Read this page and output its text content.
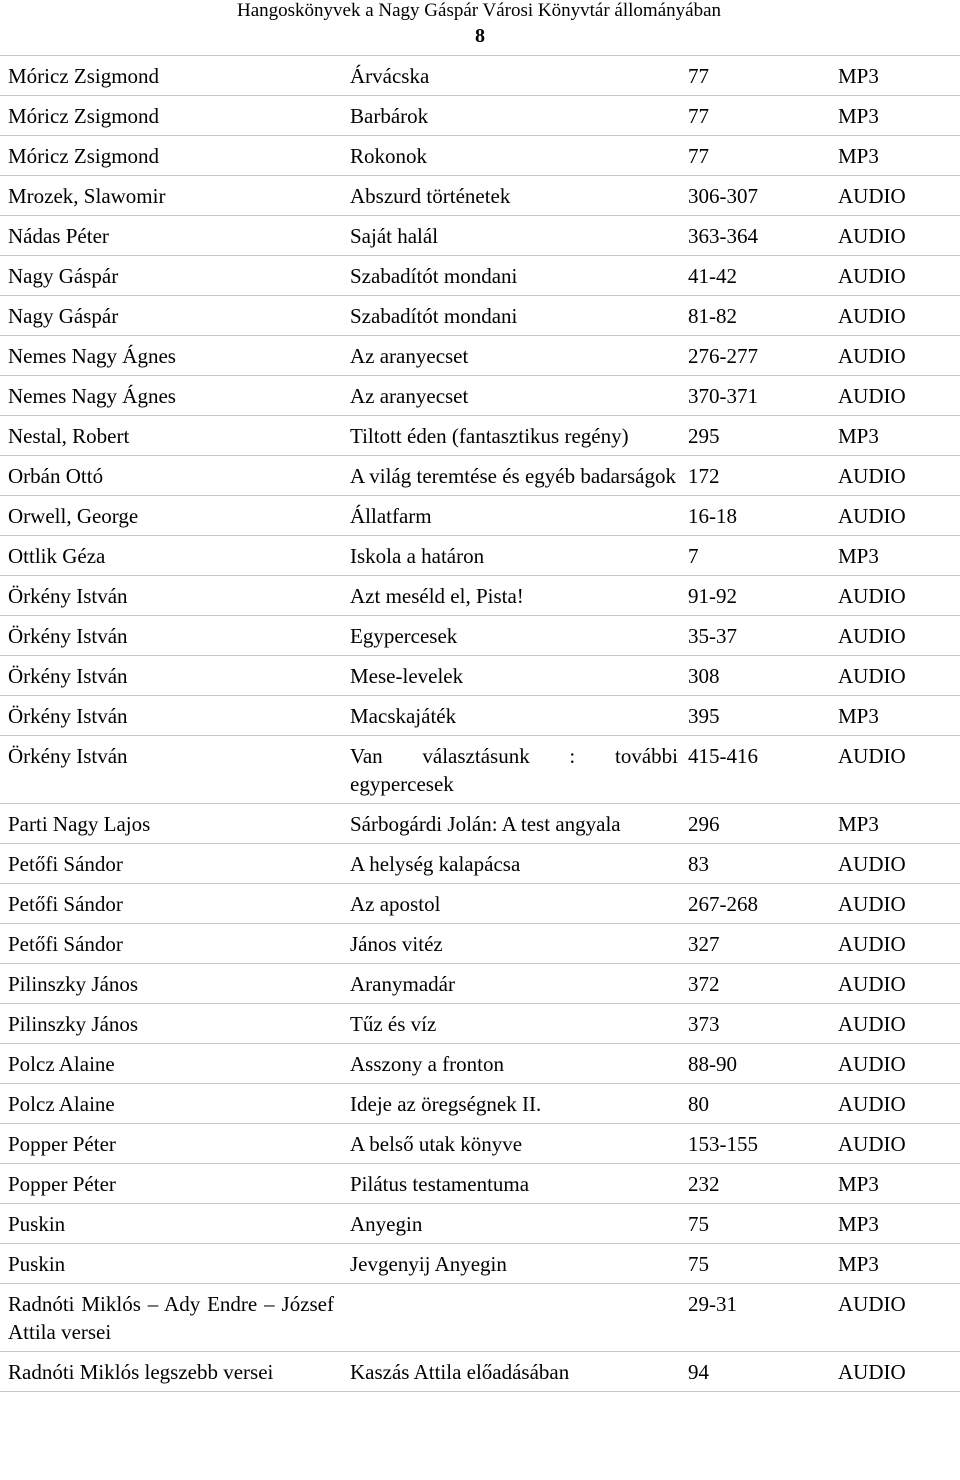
Hangoskönyvek a Nagy Gáspár Városi Könyvtár állományában
8
Móricz Zsigmond	Árvácska	77	MP3
Móricz Zsigmond	Barbárok	77	MP3
Móricz Zsigmond	Rokonok	77	MP3
Mrozek, Slawomir	Abszurd történetek	306-307	AUDIO
Nádas Péter	Saját halál	363-364	AUDIO
Nagy Gáspár	Szabadítót mondani	41-42	AUDIO
Nagy Gáspár	Szabadítót mondani	81-82	AUDIO
Nemes Nagy Ágnes	Az aranyecset	276-277	AUDIO
Nemes Nagy Ágnes	Az aranyecset	370-371	AUDIO
Nestal, Robert	Tiltott éden (fantasztikus regény)	295	MP3
Orbán Ottó	A világ teremtése és egyéb badarságok	172	AUDIO
Orwell, George	Állatfarm	16-18	AUDIO
Ottlik Géza	Iskola a határon	7	MP3
Örkény István	Azt meséld el, Pista!	91-92	AUDIO
Örkény István	Egypercesek	35-37	AUDIO
Örkény István	Mese-levelek	308	AUDIO
Örkény István	Macskajáték	395	MP3
Örkény István	Van választásunk : további egypercesek	415-416	AUDIO
Parti Nagy Lajos	Sárbogárdi Jolán: A test angyala	296	MP3
Petőfi Sándor	A helység kalapácsa	83	AUDIO
Petőfi Sándor	Az apostol	267-268	AUDIO
Petőfi Sándor	János vitéz	327	AUDIO
Pilinszky János	Aranymadár	372	AUDIO
Pilinszky János	Tűz és víz	373	AUDIO
Polcz Alaine	Asszony a fronton	88-90	AUDIO
Polcz Alaine	Ideje az öregségnek II.	80	AUDIO
Popper Péter	A belső utak könyve	153-155	AUDIO
Popper Péter	Pilátus testamentuma	232	MP3
Puskin	Anyegin	75	MP3
Puskin	Jevgenyij Anyegin	75	MP3
Radnóti Miklós – Ady Endre – József Attila versei		29-31	AUDIO
Radnóti Miklós legszebb versei	Kaszás Attila előadásában	94	AUDIO
